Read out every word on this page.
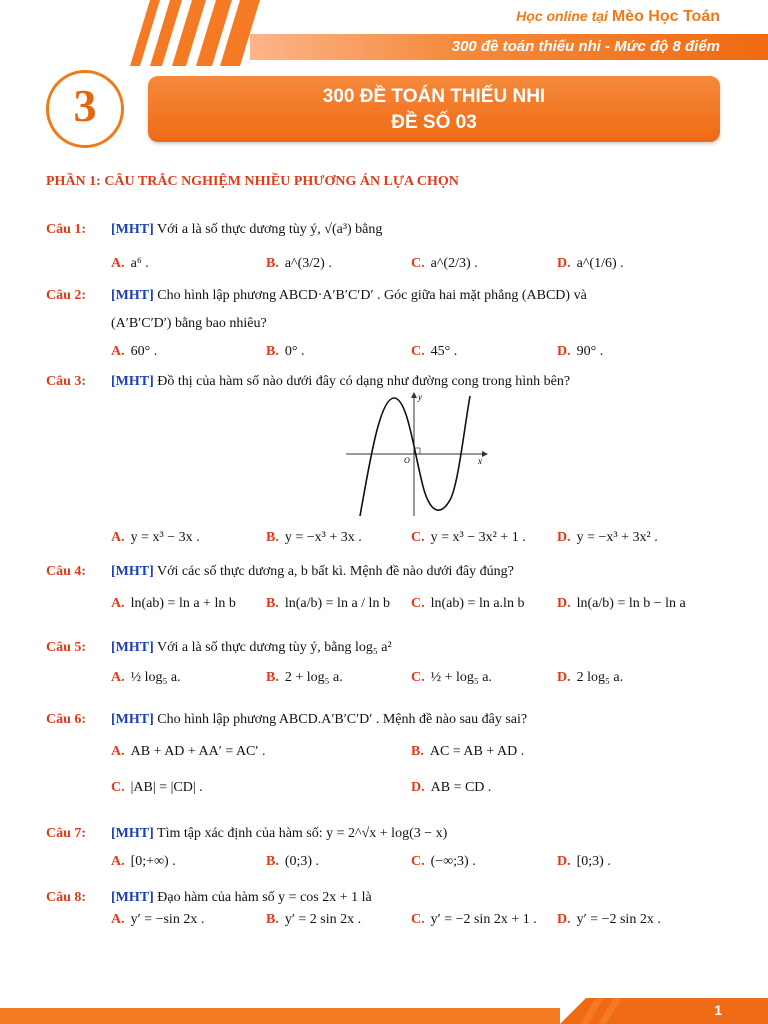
Học online tại Mèo Học Toán
300 đề toán thiếu nhi - Mức độ 8 điểm
3	300 ĐỀ TOÁN THIẾU NHI
ĐỀ SỐ 03
PHẦN 1: CÂU TRẮC NGHIỆM NHIỀU PHƯƠNG ÁN LỰA CHỌN
Câu 1: [MHT] Với a là số thực dương tùy ý, √(a³) bằng
A. a⁶ .	B. a^(3/2) .	C. a^(2/3) .	D. a^(1/6) .
Câu 2: [MHT] Cho hình lập phương ABCD·A′B′C′D′ . Góc giữa hai mặt phẳng (ABCD) và
(A′B′C′D′) bằng bao nhiêu?
A. 60° .	B. 0° .	C. 45° .	D. 90° .
Câu 3: [MHT] Đồ thị của hàm số nào dưới đây có dạng như đường cong trong hình bên?
A. y = x³ − 3x .	B. y = −x³ + 3x .	C. y = x³ − 3x² + 1 . D. y = −x³ + 3x² .
Câu 4: [MHT] Với các số thực dương a, b bất kì. Mệnh đề nào dưới đây đúng?
A. ln(ab) = ln a + ln b B. ln(a/b) = ln a / ln b C. ln(ab) = ln a.ln b D. ln(a/b) = ln b − ln a
Câu 5: [MHT] Với a là số thực dương tùy ý, bằng log₅ a²
A. ½ log₅ a.	B. 2 + log₅ a.	C. ½ + log₅ a.	D. 2 log₅ a.
Câu 6: [MHT] Cho hình lập phương ABCD.A′B′C′D′ . Mệnh đề nào sau đây sai?
A. AB + AD + AA′ = AC′ .	B. AC = AB + AD .
C. |AB| = |CD| .	D. AB = CD .
Câu 7: [MHT] Tìm tập xác định của hàm số: y = 2^√x + log(3 − x)
A. [0;+∞) .	B. (0;3) .	C. (−∞;3) .	D. [0;3) .
Câu 8: [MHT] Đạo hàm của hàm số y = cos 2x + 1 là
A. y′ = −sin 2x .	B. y′ = 2 sin 2x .	C. y′ = −2 sin 2x + 1 . D. y′ = −2 sin 2x .
x
y
O
1
